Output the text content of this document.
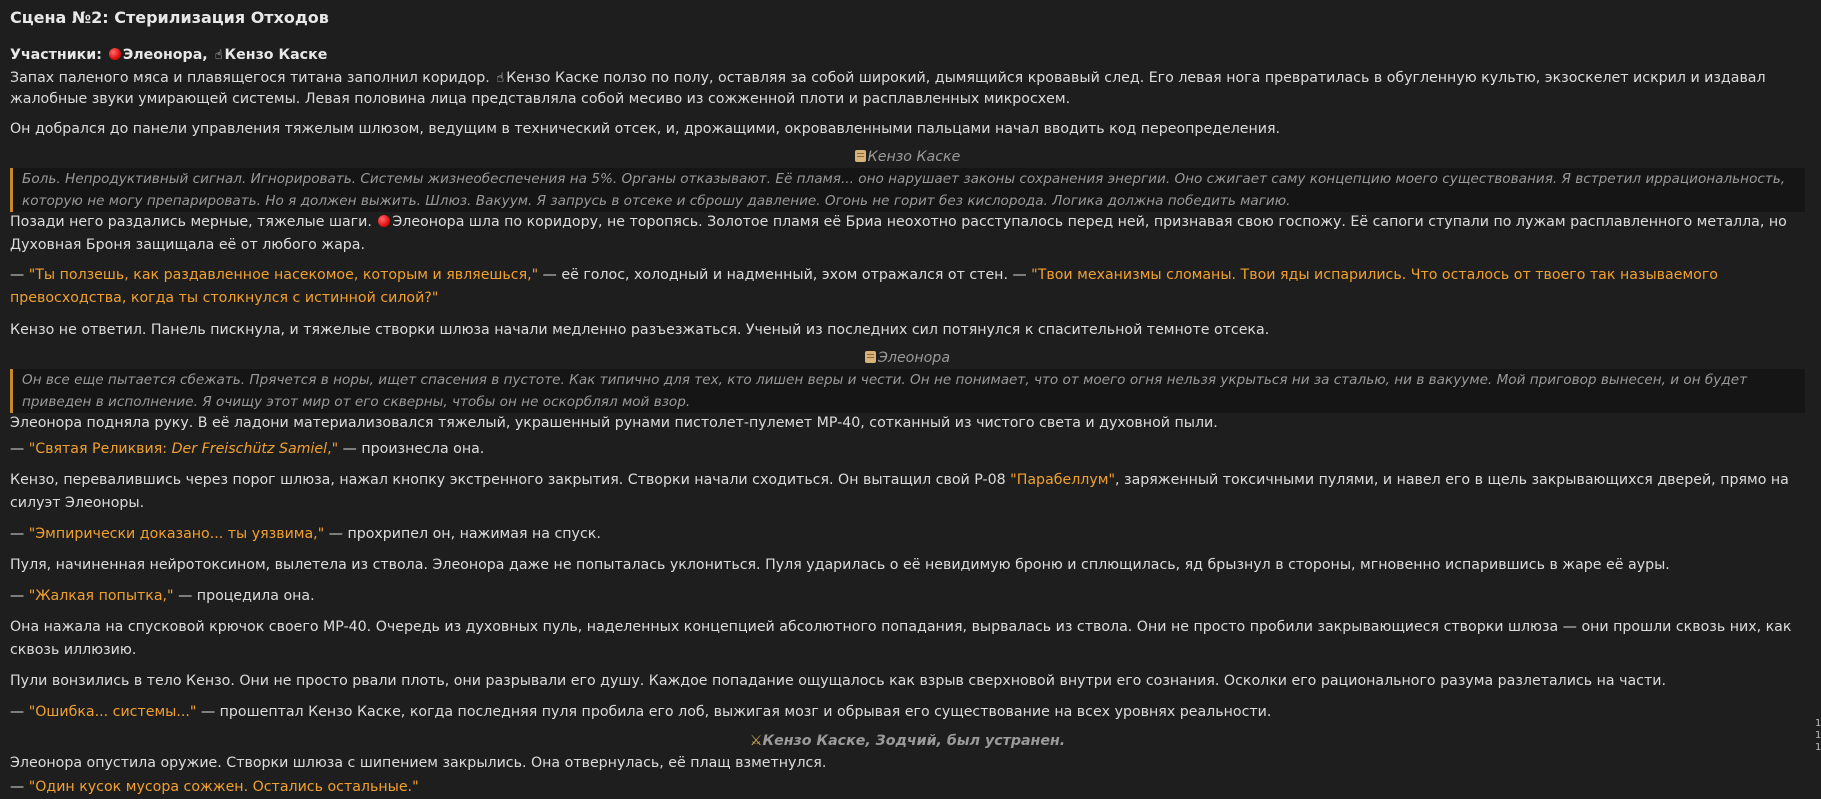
Сцена №2: Стерилизация Отходов
Участники: Элеонора, ☝ Кензо Каске

Запах паленого мяса и плавящегося титана заполнил коридор. ☝ Кензо Каске ползо по полу, оставляя за собой широкий, дымящийся кровавый след. Его левая нога превратилась в обугленную культю, экзоскелет искрил и издавал жалобные звуки умирающей системы. Левая половина лица представляла собой месиво из сожженной плоти и расплавленных микросхем.

Он добрался до панели управления тяжелым шлюзом, ведущим в технический отсек, и, дрожащими, окровавленными пальцами начал вводить код переопределения.

Кензо Каске
Боль. Непродуктивный сигнал. Игнорировать. Системы жизнеобеспечения на 5%. Органы отказывают. Её пламя... оно нарушает законы сохранения энергии. Оно сжигает саму концепцию моего существования. Я встретил иррациональность, которую не могу препарировать. Но я должен выжить. Шлюз. Вакуум. Я запрусь в отсеке и сброшу давление. Огонь не горит без кислорода. Логика должна победить магию.

Позади него раздались мерные, тяжелые шаги. Элеонора шла по коридору, не торопясь. Золотое пламя её Бриа неохотно расступалось перед ней, признавая свою госпожу. Её сапоги ступали по лужам расплавленного металла, но Духовная Броня защищала её от любого жара.

— "Ты ползешь, как раздавленное насекомое, которым и являешься," — её голос, холодный и надменный, эхом отражался от стен. — "Твои механизмы сломаны. Твои яды испарились. Что осталось от твоего так называемого превосходства, когда ты столкнулся с истинной силой?"

Кензо не ответил. Панель пискнула, и тяжелые створки шлюза начали медленно разъезжаться. Ученый из последних сил потянулся к спасительной темноте отсека.

Элеонора
Он все еще пытается сбежать. Прячется в норы, ищет спасения в пустоте. Как типично для тех, кто лишен веры и чести. Он не понимает, что от моего огня нельзя укрыться ни за сталью, ни в вакууме. Мой приговор вынесен, и он будет приведен в исполнение. Я очищу этот мир от его скверны, чтобы он не оскорблял мой взор.

Элеонора подняла руку. В её ладони материализовался тяжелый, украшенный рунами пистолет-пулемет MP-40, сотканный из чистого света и духовной пыли.

— "Святая Реликвия: Der Freischütz Samiel," — произнесла она.

Кензо, перевалившись через порог шлюза, нажал кнопку экстренного закрытия. Створки начали сходиться. Он вытащил свой P-08 "Парабеллум", заряженный токсичными пулями, и навел его в щель закрывающихся дверей, прямо на силуэт Элеоноры.

— "Эмпирически доказано... ты уязвима," — прохрипел он, нажимая на спуск.

Пуля, начиненная нейротоксином, вылетела из ствола. Элеонора даже не попыталась уклониться. Пуля ударилась о её невидимую броню и сплющилась, яд брызнул в стороны, мгновенно испарившись в жаре её ауры.

— "Жалкая попытка," — процедила она.

Она нажала на спусковой крючок своего MP-40. Очередь из духовных пуль, наделенных концепцией абсолютного попадания, вырвалась из ствола. Они не просто пробили закрывающиеся створки шлюза — они прошли сквозь них, как сквозь иллюзию.

Пули вонзились в тело Кензо. Они не просто рвали плоть, они разрывали его душу. Каждое попадание ощущалось как взрыв сверхновой внутри его сознания. Осколки его рационального разума разлетались на части.

— "Ошибка... системы..." — прошептал Кензо Каске, когда последняя пуля пробила его лоб, выжигая мозг и обрывая его существование на всех уровнях реальности.

⚔Кензо Каске, Зодчий, был устранен.

Элеонора опустила оружие. Створки шлюза с шипением закрылись. Она отвернулась, её плащ взметнулся.

— "Один кусок мусора сожжен. Остались остальные."

1
1
1
